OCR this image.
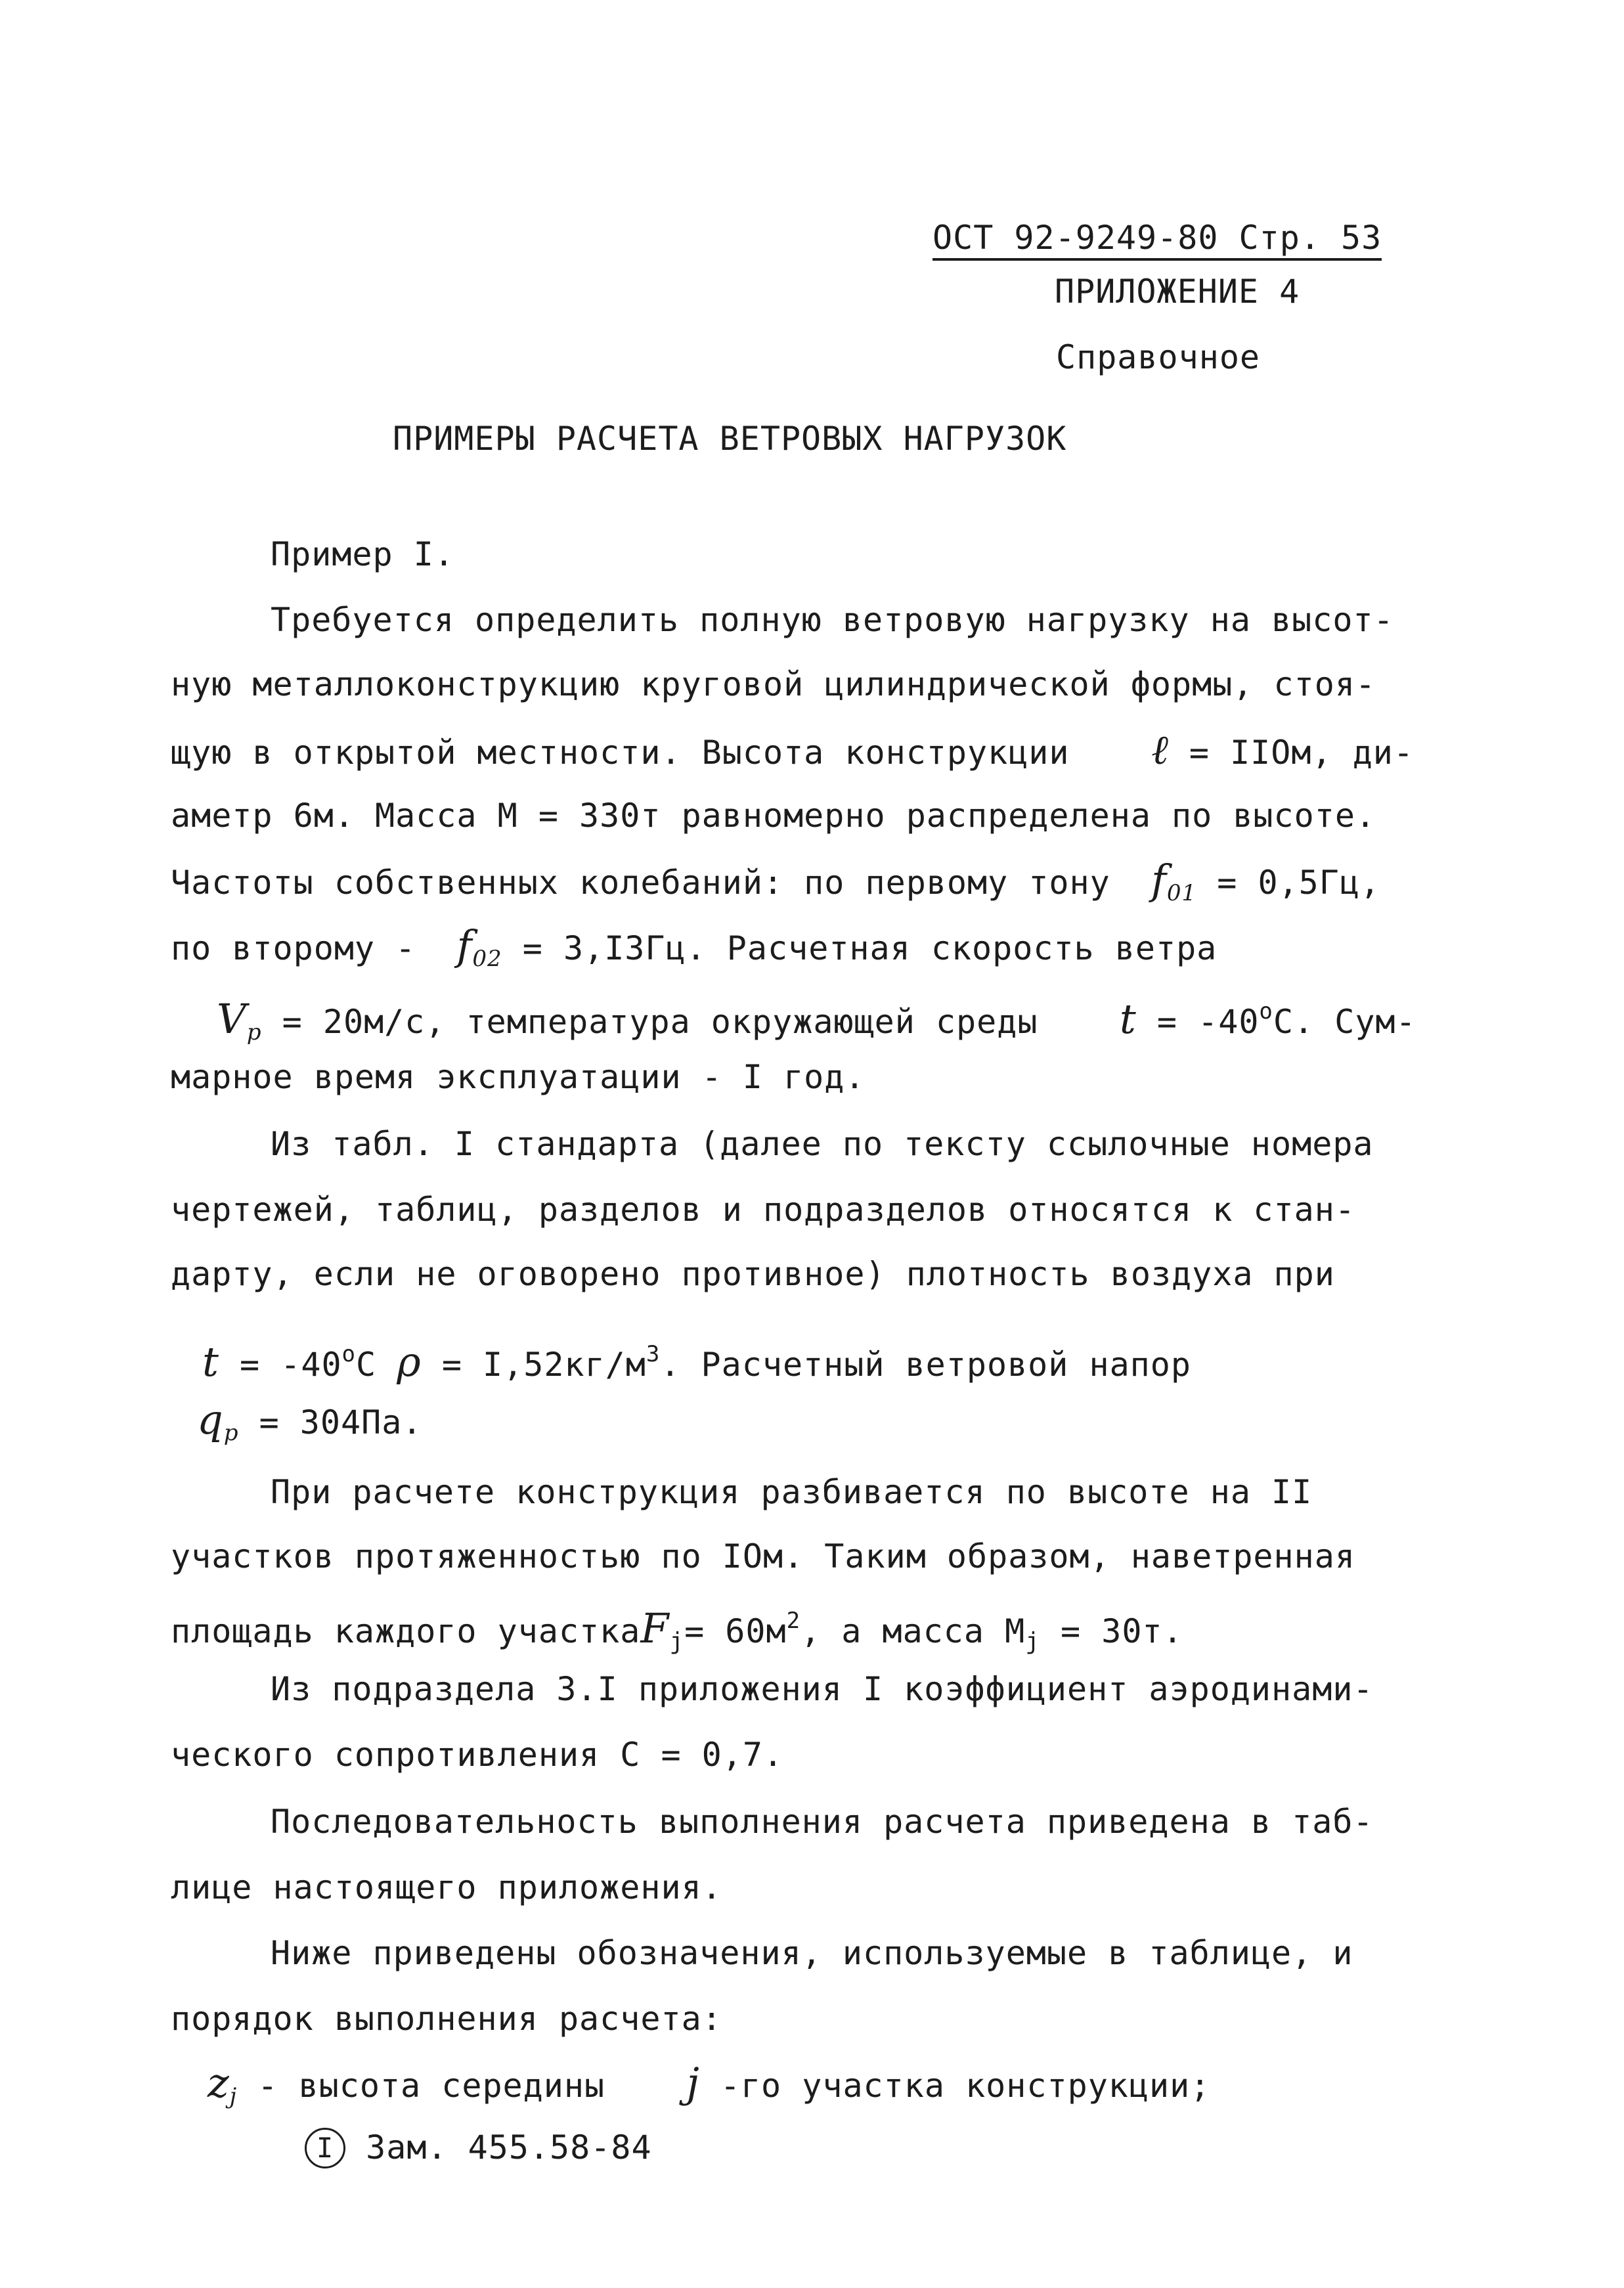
ОСТ 92-9249-80 Стр. 53
ПРИЛОЖЕНИЕ 4
Справочное
ПРИМЕРЫ РАСЧЕТА ВЕТРОВЫХ НАГРУЗОК
Пример I.
Требуется определить полную ветровую нагрузку на высот-
ную металлоконструкцию круговой цилиндрической формы, стоя-
щую в открытой местности. Высота конструкции ℓ = IIОм, ди-
аметр 6м. Масса М = 330т равномерно распределена по высоте.
Частоты собственных колебаний: по первому тону $f_{01} = 0,5Гц$,
по второму - $f_{02} = 3,I3Гц$. Расчетная скорость ветра
$V_p = 20м/с$, температура окружающей среды $t = -40^oС$. Сум-
марное время эксплуатации - I год.
Из табл. I стандарта (далее по тексту ссылочные номера
чертежей, таблиц, разделов и подразделов относятся к стан-
дарту, если не оговорено противное) плотность воздуха при
$t = -40^oС$ $\rho = I,52кг/м^3$. Расчетный ветровой напор
$q_p = 304Па$.
При расчете конструкция разбивается по высоте на II
участков протяженностью по IОм. Таким образом, наветренная
площадь каждого участкаF$_j$= $60м^2$, а масса $М_j = 30т$.
Из подраздела 3.I приложения I коэффициент аэродинами-
ческого сопротивления С = 0,7.
Последовательность выполнения расчета приведена в таб-
лице настоящего приложения.
Ниже приведены обозначения, используемые в таблице, и
порядок выполнения расчета:
$z_j$ - высота середины j -го участка конструкции;
I Зам. 455.58-84
